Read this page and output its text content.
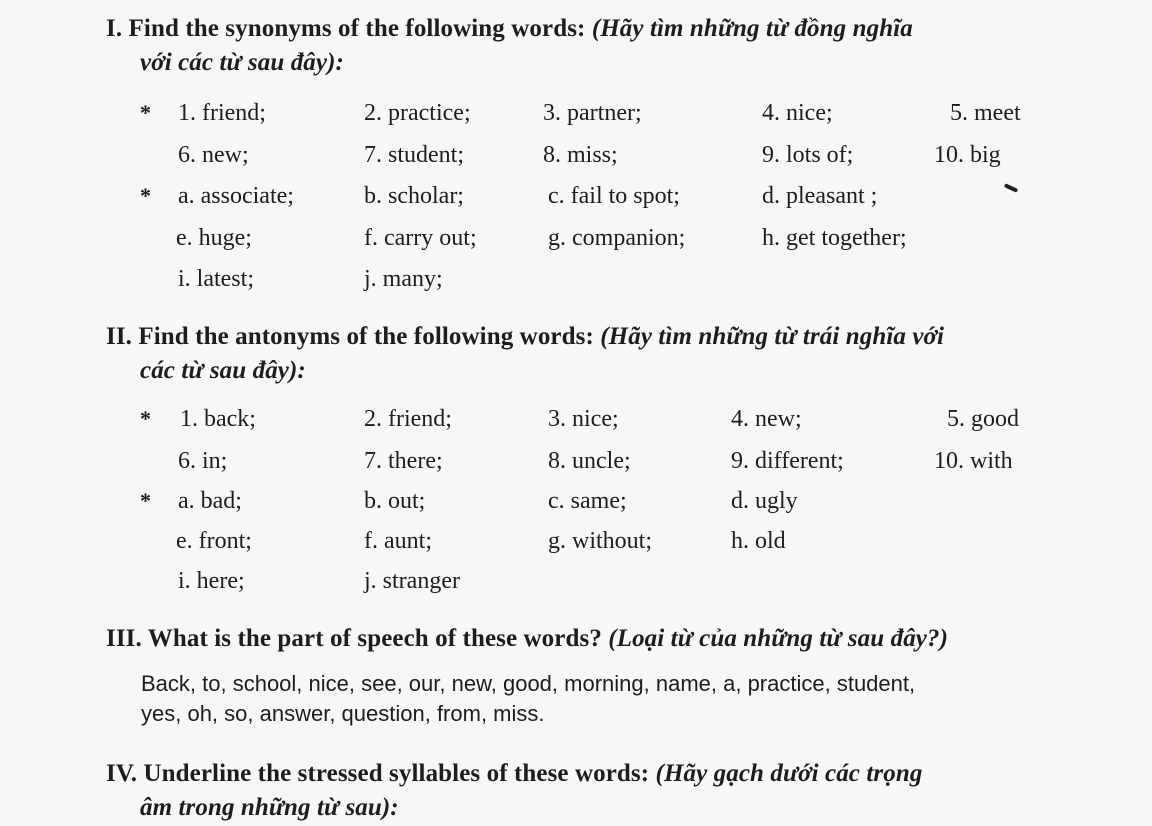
I. Find the synonyms of the following words: (Hãy tìm những từ đồng nghĩa
với các từ sau đây):
* 1. friend;	2. practice;	3. partner;	4. nice;	5. meet
6. new;	7. student;	8. miss;	9. lots of;	10. big
* a. associate;	b. scholar;	c. fail to spot;	d. pleasant ;
e. huge;	f. carry out;	g. companion;	h. get together;
i. latest;	j. many;
II. Find the antonyms of the following words: (Hãy tìm những từ trái nghĩa với
các từ sau đây):
* 1. back;	2. friend;	3. nice;	4. new;	5. good
6. in;	7. there;	8. uncle;	9. different;	10. with
* a. bad;	b. out;	c. same;	d. ugly
e. front;	f. aunt;	g. without;	h. old
i. here;	j. stranger
III. What is the part of speech of these words? (Loại từ của những từ sau đây?)
Back, to, school, nice, see, our, new, good, morning, name, a, practice, student,
yes, oh, so, answer, question, from, miss.
IV. Underline the stressed syllables of these words: (Hãy gạch dưới các trọng
âm trong những từ sau):
